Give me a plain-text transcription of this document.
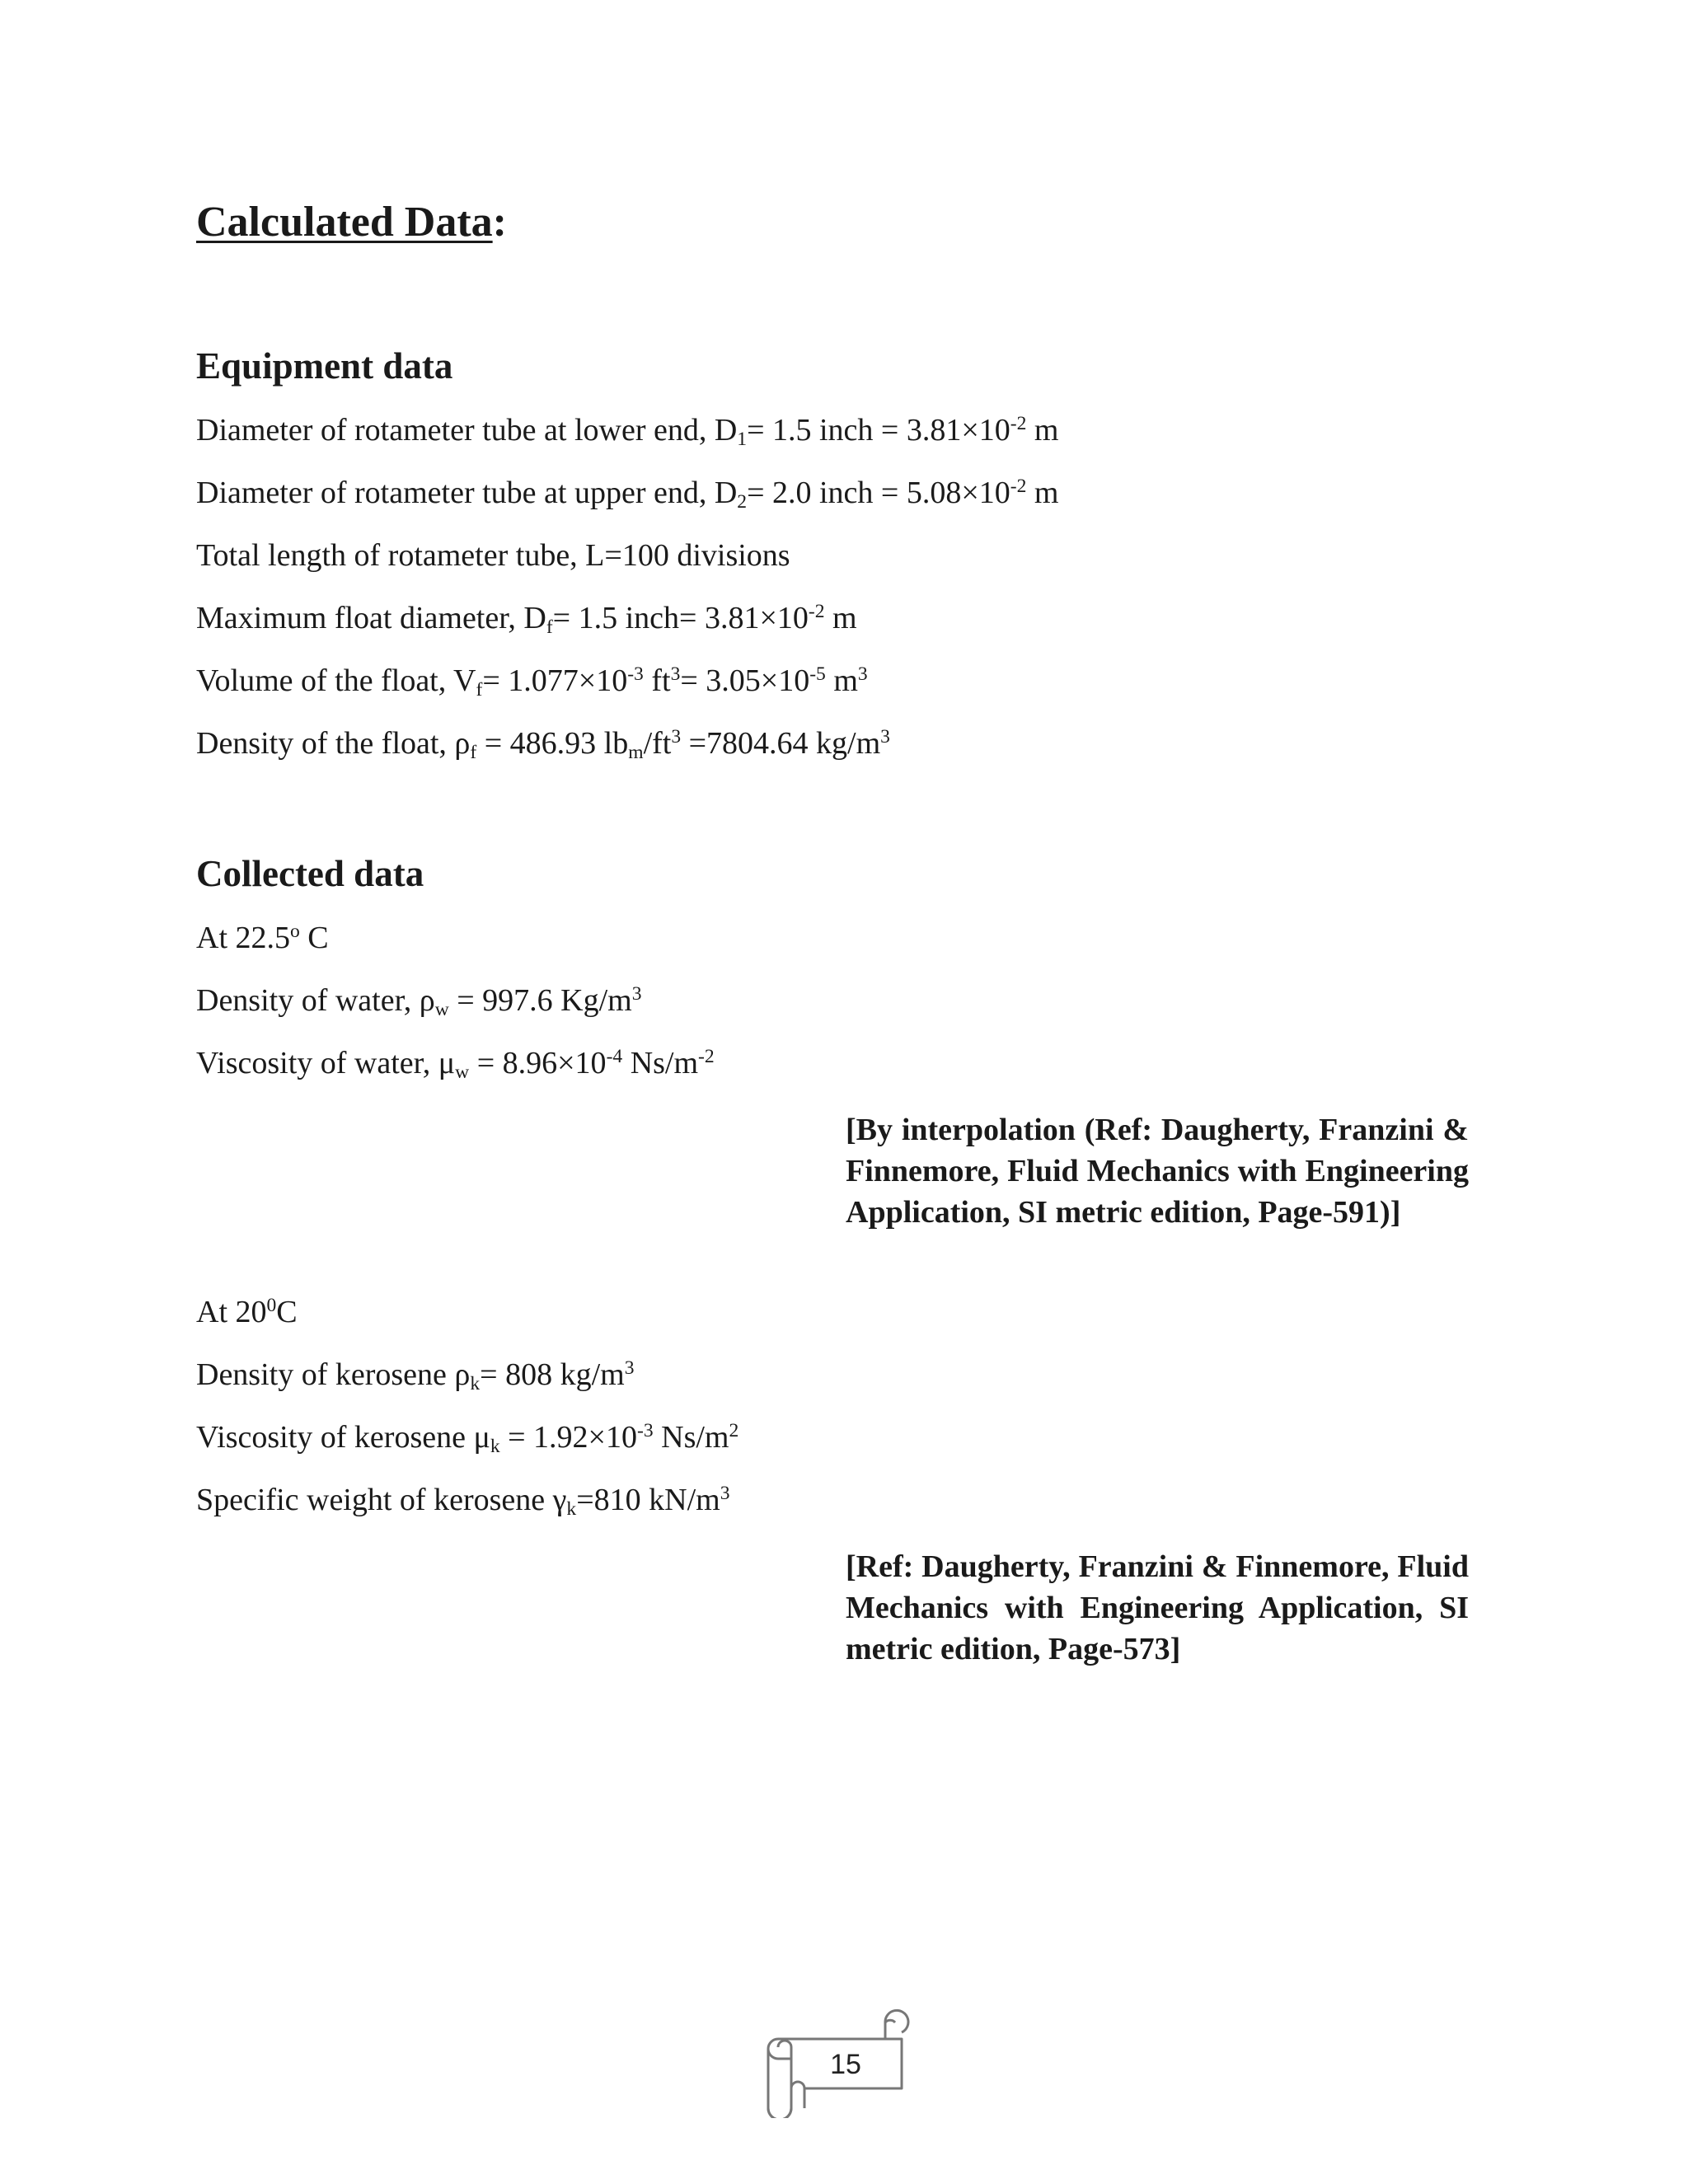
Calculated Data:
Equipment data
Diameter of rotameter tube at lower end, $D_1= 1.5$ inch = $3.81\times 10^{-2}$ m
Diameter of rotameter tube at upper end, $D_2= 2.0$ inch = $5.08\times 10^{-2}$ m
Total length of rotameter tube, L=100 divisions
Maximum float diameter, $D_f= 1.5$ inch= $3.81\times 10^{-2}$ m
Volume of the float, $V_f= 1.077\times 10^{-3}$ $ft^3= 3.05\times 10^{-5}$ $m^3$
Density of the float, $\rho_f = 486.93$ $lb_m/ft^3 =7804.64$ $kg/m^3$
Collected data
At 22.5$^o$ C
Density of water, $\rho_w = 997.6$ $Kg/m^3$
Viscosity of water, $\mu_w = 8.96\times 10^{-4}$ $Ns/m^{-2}$
[By interpolation (Ref: Daugherty, Franzini & Finnemore, Fluid Mechanics with Engineering Application, SI metric edition, Page-591)]
At $20^0C$
Density of kerosene $\rho_k= 808$ $kg/m^3$
Viscosity of kerosene $\mu_k = 1.92\times 10^{-3}$ $Ns/m^2$
Specific weight of kerosene $\gamma_k=810$ $kN/m^3$
[Ref: Daugherty, Franzini & Finnemore, Fluid Mechanics with Engineering Application, SI metric edition, Page-573]
15
